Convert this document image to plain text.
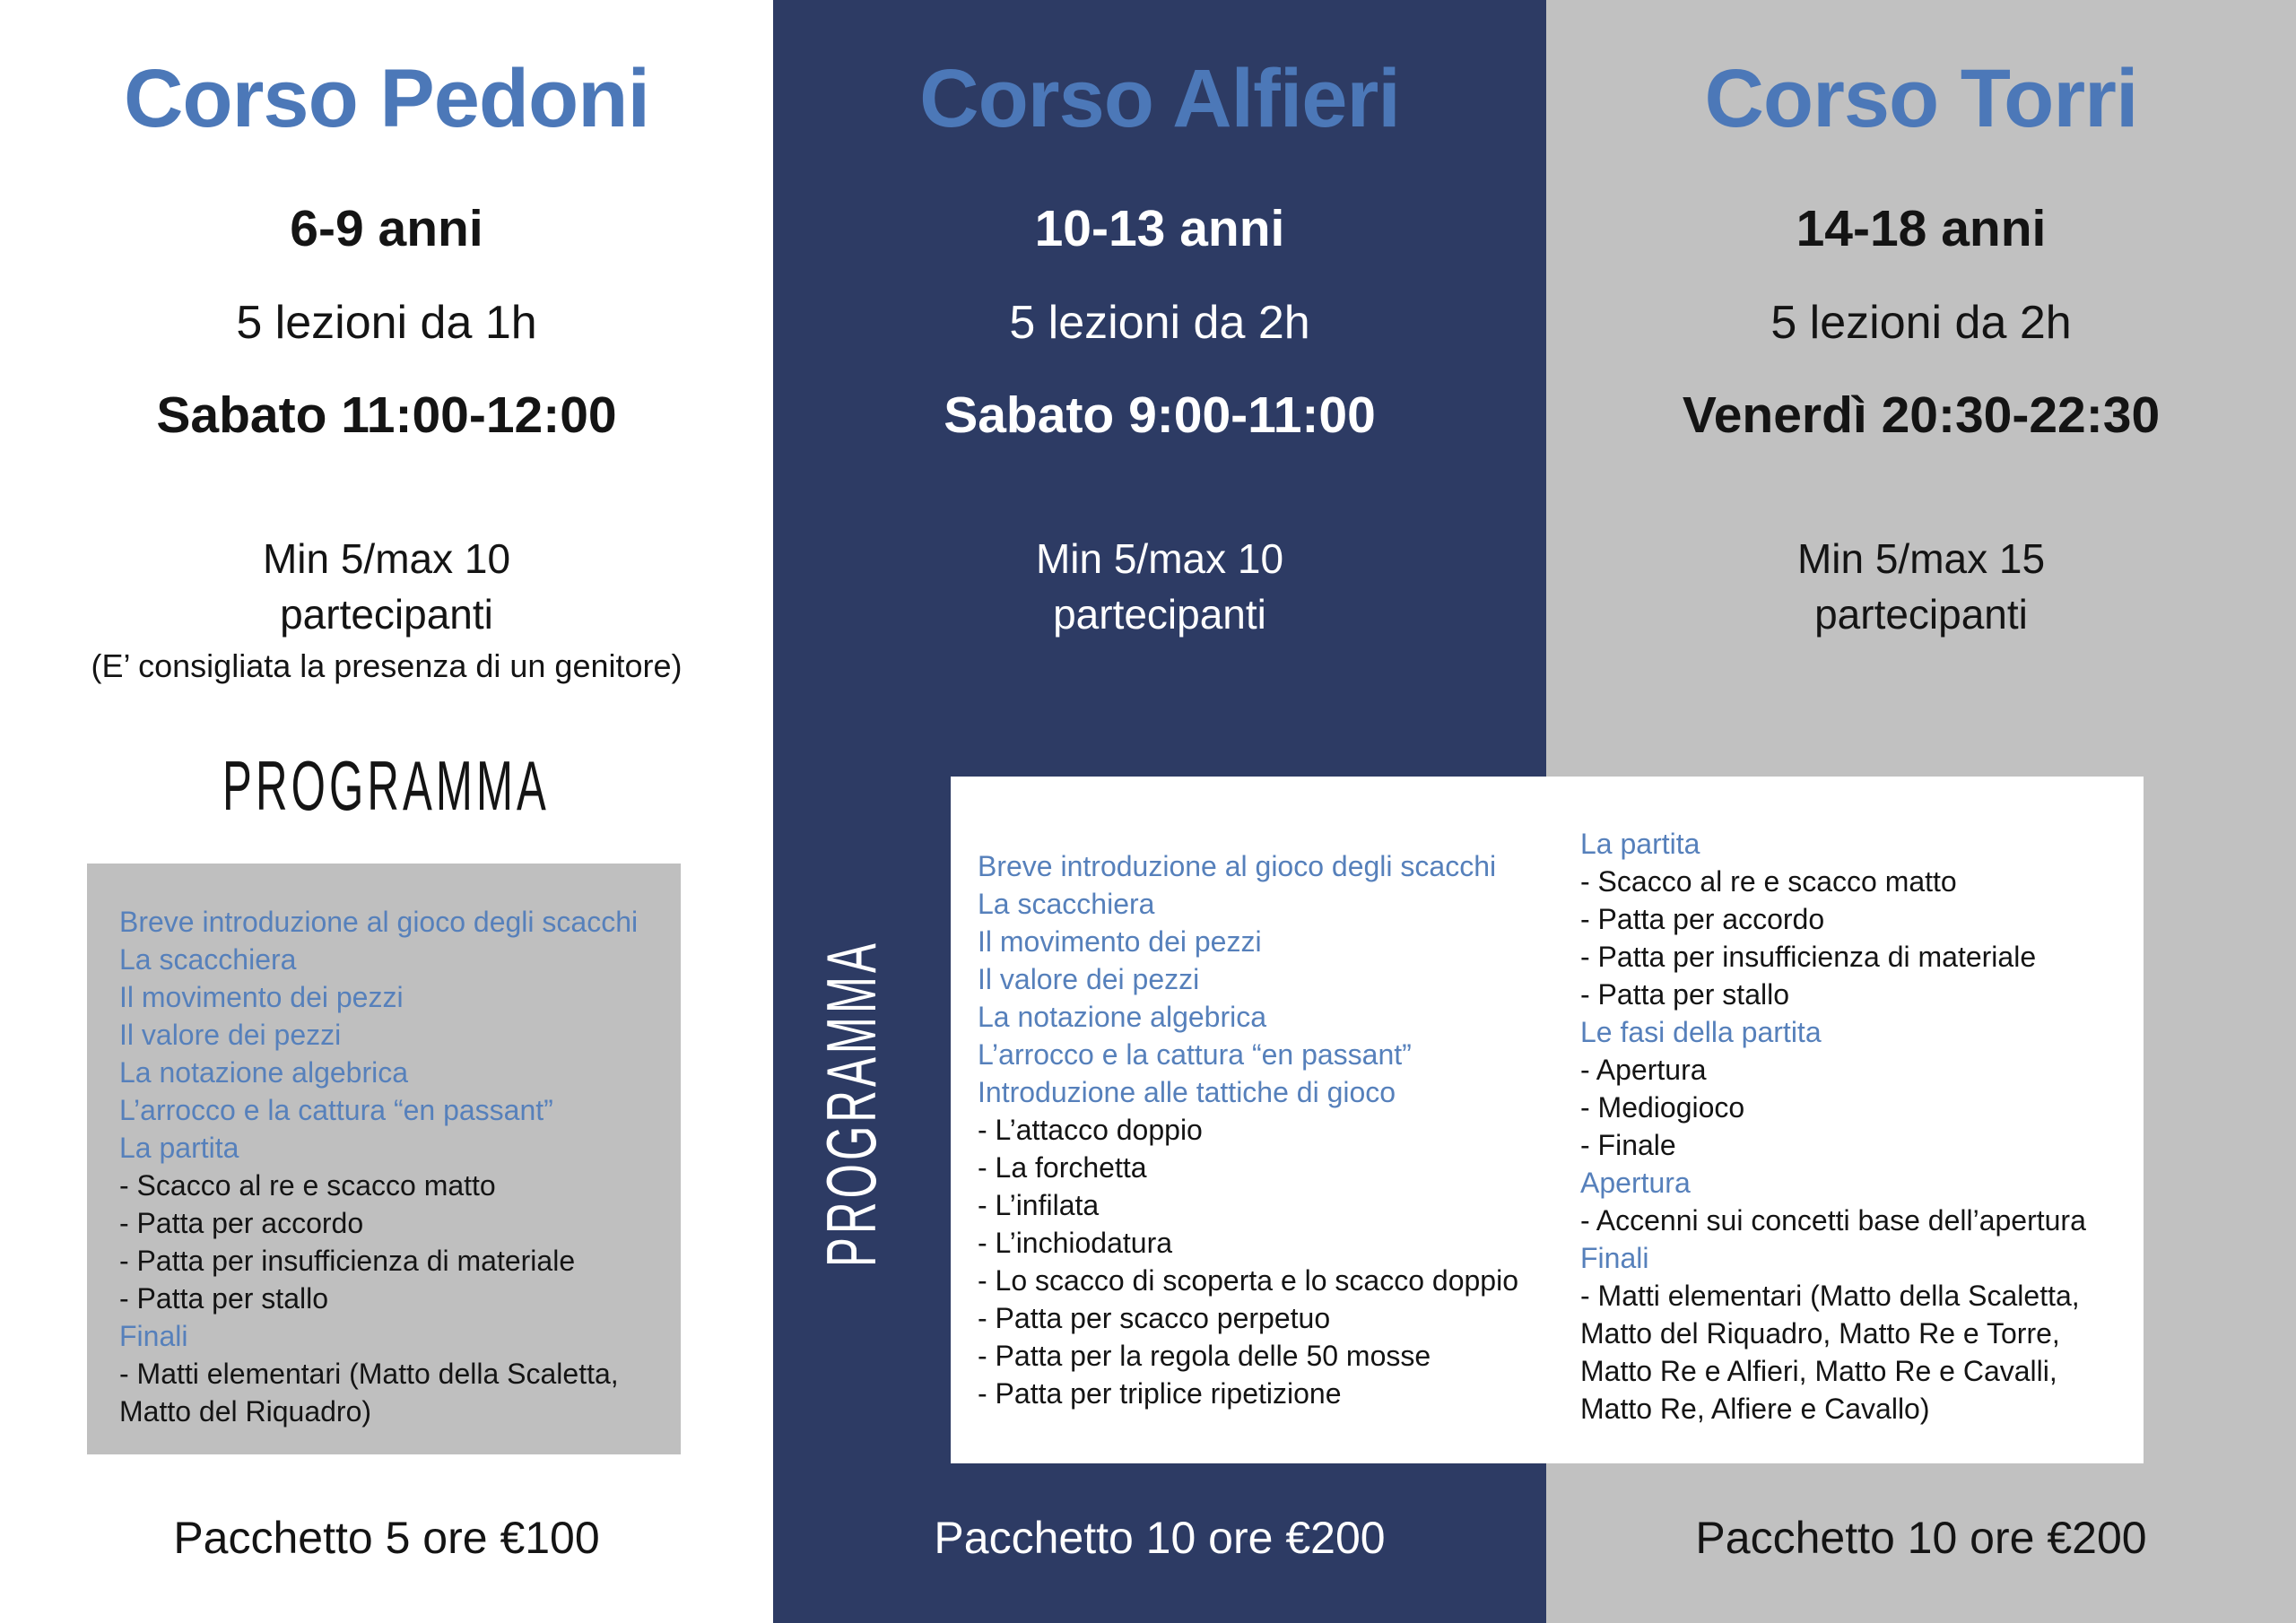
Corso Pedoni
6-9 anni
5 lezioni da 1h
Sabato 11:00-12:00
Min 5/max 10
partecipanti
(E’ consigliata la presenza di un genitore)
PROGRAMMA
Breve introduzione al gioco degli scacchi
La scacchiera
Il movimento dei pezzi
Il valore dei pezzi
La notazione algebrica
L’arrocco e la cattura “en passant”
La partita
- Scacco al re e scacco matto
- Patta per accordo
- Patta per insufficienza di materiale
- Patta per stallo
Finali
- Matti elementari (Matto della Scaletta, Matto del Riquadro)
Pacchetto 5 ore €100
Corso Alfieri
10-13 anni
5 lezioni da 2h
Sabato 9:00-11:00
Min 5/max 10
partecipanti
Pacchetto 10 ore €200
Corso Torri
14-18 anni
5 lezioni da 2h
Venerdì 20:30-22:30
Min 5/max 15
partecipanti
Pacchetto 10 ore €200
PROGRAMMA
Breve introduzione al gioco degli scacchi
La scacchiera
Il movimento dei pezzi
Il valore dei pezzi
La notazione algebrica
L’arrocco e la cattura “en passant”
Introduzione alle tattiche di gioco
- L’attacco doppio
- La forchetta
- L’infilata
- L’inchiodatura
- Lo scacco di scoperta e lo scacco doppio
- Patta per scacco perpetuo
- Patta per la regola delle 50 mosse
- Patta per triplice ripetizione
La partita
- Scacco al re e scacco matto
- Patta per accordo
- Patta per insufficienza di materiale
- Patta per stallo
Le fasi della partita
- Apertura
- Mediogioco
- Finale
Apertura
- Accenni sui concetti base dell’apertura
Finali
- Matti elementari (Matto della Scaletta, Matto del Riquadro, Matto Re e Torre, Matto Re e Alfieri, Matto Re e Cavalli, Matto Re, Alfiere e Cavallo)
